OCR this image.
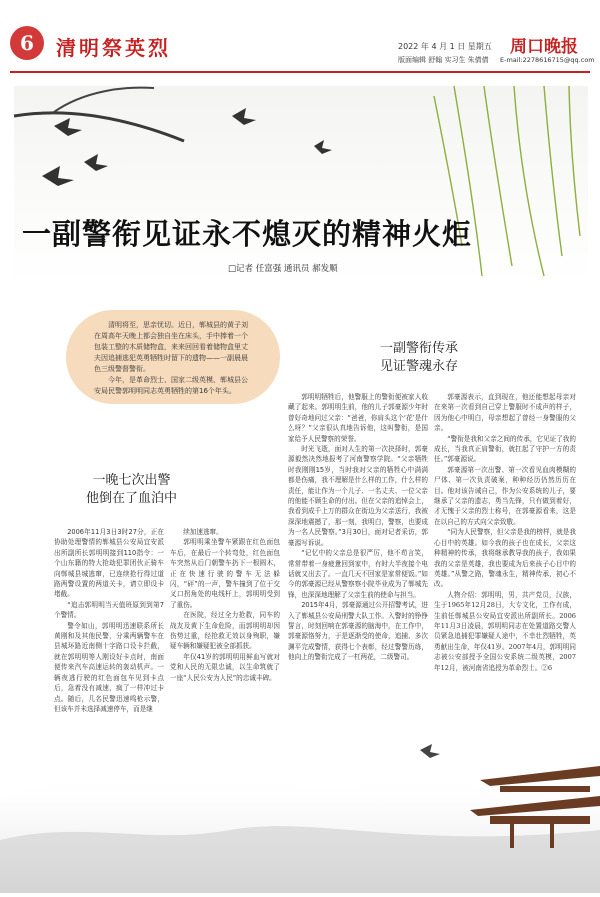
6	清明祭英烈	2022 年 4 月 1 日 星期五
版面编辑 舒翰 实习生 朱倩倩
周口晚报
E-mail:2278616715@qq.com
一副警衔见证永不熄灭的精神火炬
□记者 任富强 通讯员 郝发顺
清明将至，思亲忧切。近日，郸城县的黄子刘在周高年天晚上都会独自坐在床头，手中捧着一个包装工整的木质储物盒，来来回回看着储物盒里丈夫因追捕逃犯英勇牺牲时留下的遗物——一副晨晨色三级警督警衔。
今年，是革命烈士、国家二级英模、郸城县公安局民警郭明明同志英勇牺牲的第16个年头。
一副警衔传承
见证警魂永存
一晚七次出警
他倒在了血泊中

2006年11月3日3时27分，正在协助处理警情的郸城县公安局宜安派出所副所长郭明明接到110指令：一个山东籍的特大抢劫犯罪团伙正骑车向郸城县城逃窜，已连续抢行得过道路两警设置的两道关卡，请立即设卡堵截。

“追击郭明明当天值班原到到第7个警情。

警令如山，郭明明迅速联系所长黄刚和及其他民警，分乘两辆警车在县城环路近南侧十字路口设卡拦截，就在郭明明等人刚设好卡点时，南面便传来汽车高速运转的轰动机声。一辆夜逃行驶的红色面包车见到卡点后，急着没有减速，疯了一样冲过卡点。随后，几名民警迅速鸣枪示警，但该车并未选择减速停车，而是继

续加速逃窜。

郭明明乘坐警车紧跟在红色面包车后，在最后一个转弯处，红色面包车突然从后门朝警车扔下一根圆木，正在快速行驶的警车无法躲闪，“砰”的一声，警车撞到了位于交叉口拐角处的电线杆上，郭明明受到了重伤。

在医院，经过全力抢救，同车的战友及黄下生命危险，而郭明明却因伤势过重，经抢救无效以身殉职，嫌疑车辆和嫌疑犯被全部抓获。

年仅41岁的郭明明用鲜血写就对党和人民的无限忠诚，以生命筑就了一座“人民公安为人民”的忠诚丰碑。

郭明明牺牲后，他警服上的警衔便被家人收藏了起来。郭明明生前，他的儿子郭豪源少年时曾好奇地问过父亲：“爸爸，你肩头这个‘花’是什么呀？”父亲很认真地告诉他，这叫警衔，是国家给予人民警察的荣誉。

时光飞逝，面对人生的第一次抉择时，郭豪源毅然决然地报考了河南警察学院。“父亲牺牲时我刚刚15岁，当时我对父亲的牺牲心中满满都是伤痛，我不理解是什么样的工作，什么样的责任，能让作为一个儿子、一名丈夫、一位父亲的他能不顾生命的付出。但在父亲的追悼会上，我看到成千上万的群众在街边为父亲送行，我被深深地震撼了，那一刻，我明白，警察，也要成为一名人民警察。”3月30日，面对记者采访，郭豪源写诉说。

“记忆中的父亲总是很严厉，他不苟言笑，常常带着一身疲惫回到家中，有时大半夜接个电话就又出去了。一直几天不回家是家常便饭。”如今的郭豪源已经从警察察小院毕业成为了郸城先锋，也深深地理解了父亲生前的使命与担当。

2015年4月，郭豪源通过公开招警考试，进入了郸城县公安局刑警大队工作。入警时的铮铮誓言，时刻回响在郭豪源的脑海中，在工作中，郭豪源恪努力，于是逐渐受的使命，追捕、多次渊平完成警情，获得七个表彰，经过警警历练，他向上的警衔完成了一杠两花，二级警司。

郭豪源表示，直到现在，他还能想起母亲对在来第一次看到自己穿上警服时不成声的样子，因为他心中明白，母亲想起了曾经一身警服的父亲。

“警衔是我和父亲之间的传承，它见证了我的成长，当我真正肩警衔，就扛起了守护一方的责任。”郭豪源说。

郭豪源第一次出警、第一次看见血肉模糊的尸体、第一次负责破案，种种经历仍然历历在目。他对该告诫自己，作为公安系统的儿子，要继承了父亲的遗志，勇当先锋，只有做到着好，才无愧于父亲的烈士称号，在郭豪源看来，这是在以自己的方式向父亲致敬。

“同为人民警察，但父亲是我的榜样，就是我心目中的英雄。如今我的孩子也在成长，父亲这种精神的传承，我将继承教导我的孩子，我如果我的父亲是英雄，我也要成为后来孩子心目中的英雄。”从警之路，警魂永生，精神传承，初心不改。

人物介绍：郭明明，男，共产党员，汉族，生于1965年12月28日，大专文化，工作有成，生前任郸城县公安局宜安派出所副所长。2006年11月3日凌晨，郭明明同志在处置道路交警人员紧急追捕犯罪嫌疑人途中，不幸壮烈牺牲，英勇献出生命，年仅41岁。2007年4月，郭明明同志被公安部授予全国公安系统二级英模，2007年12月，被河南省追授为革命烈士。②6
